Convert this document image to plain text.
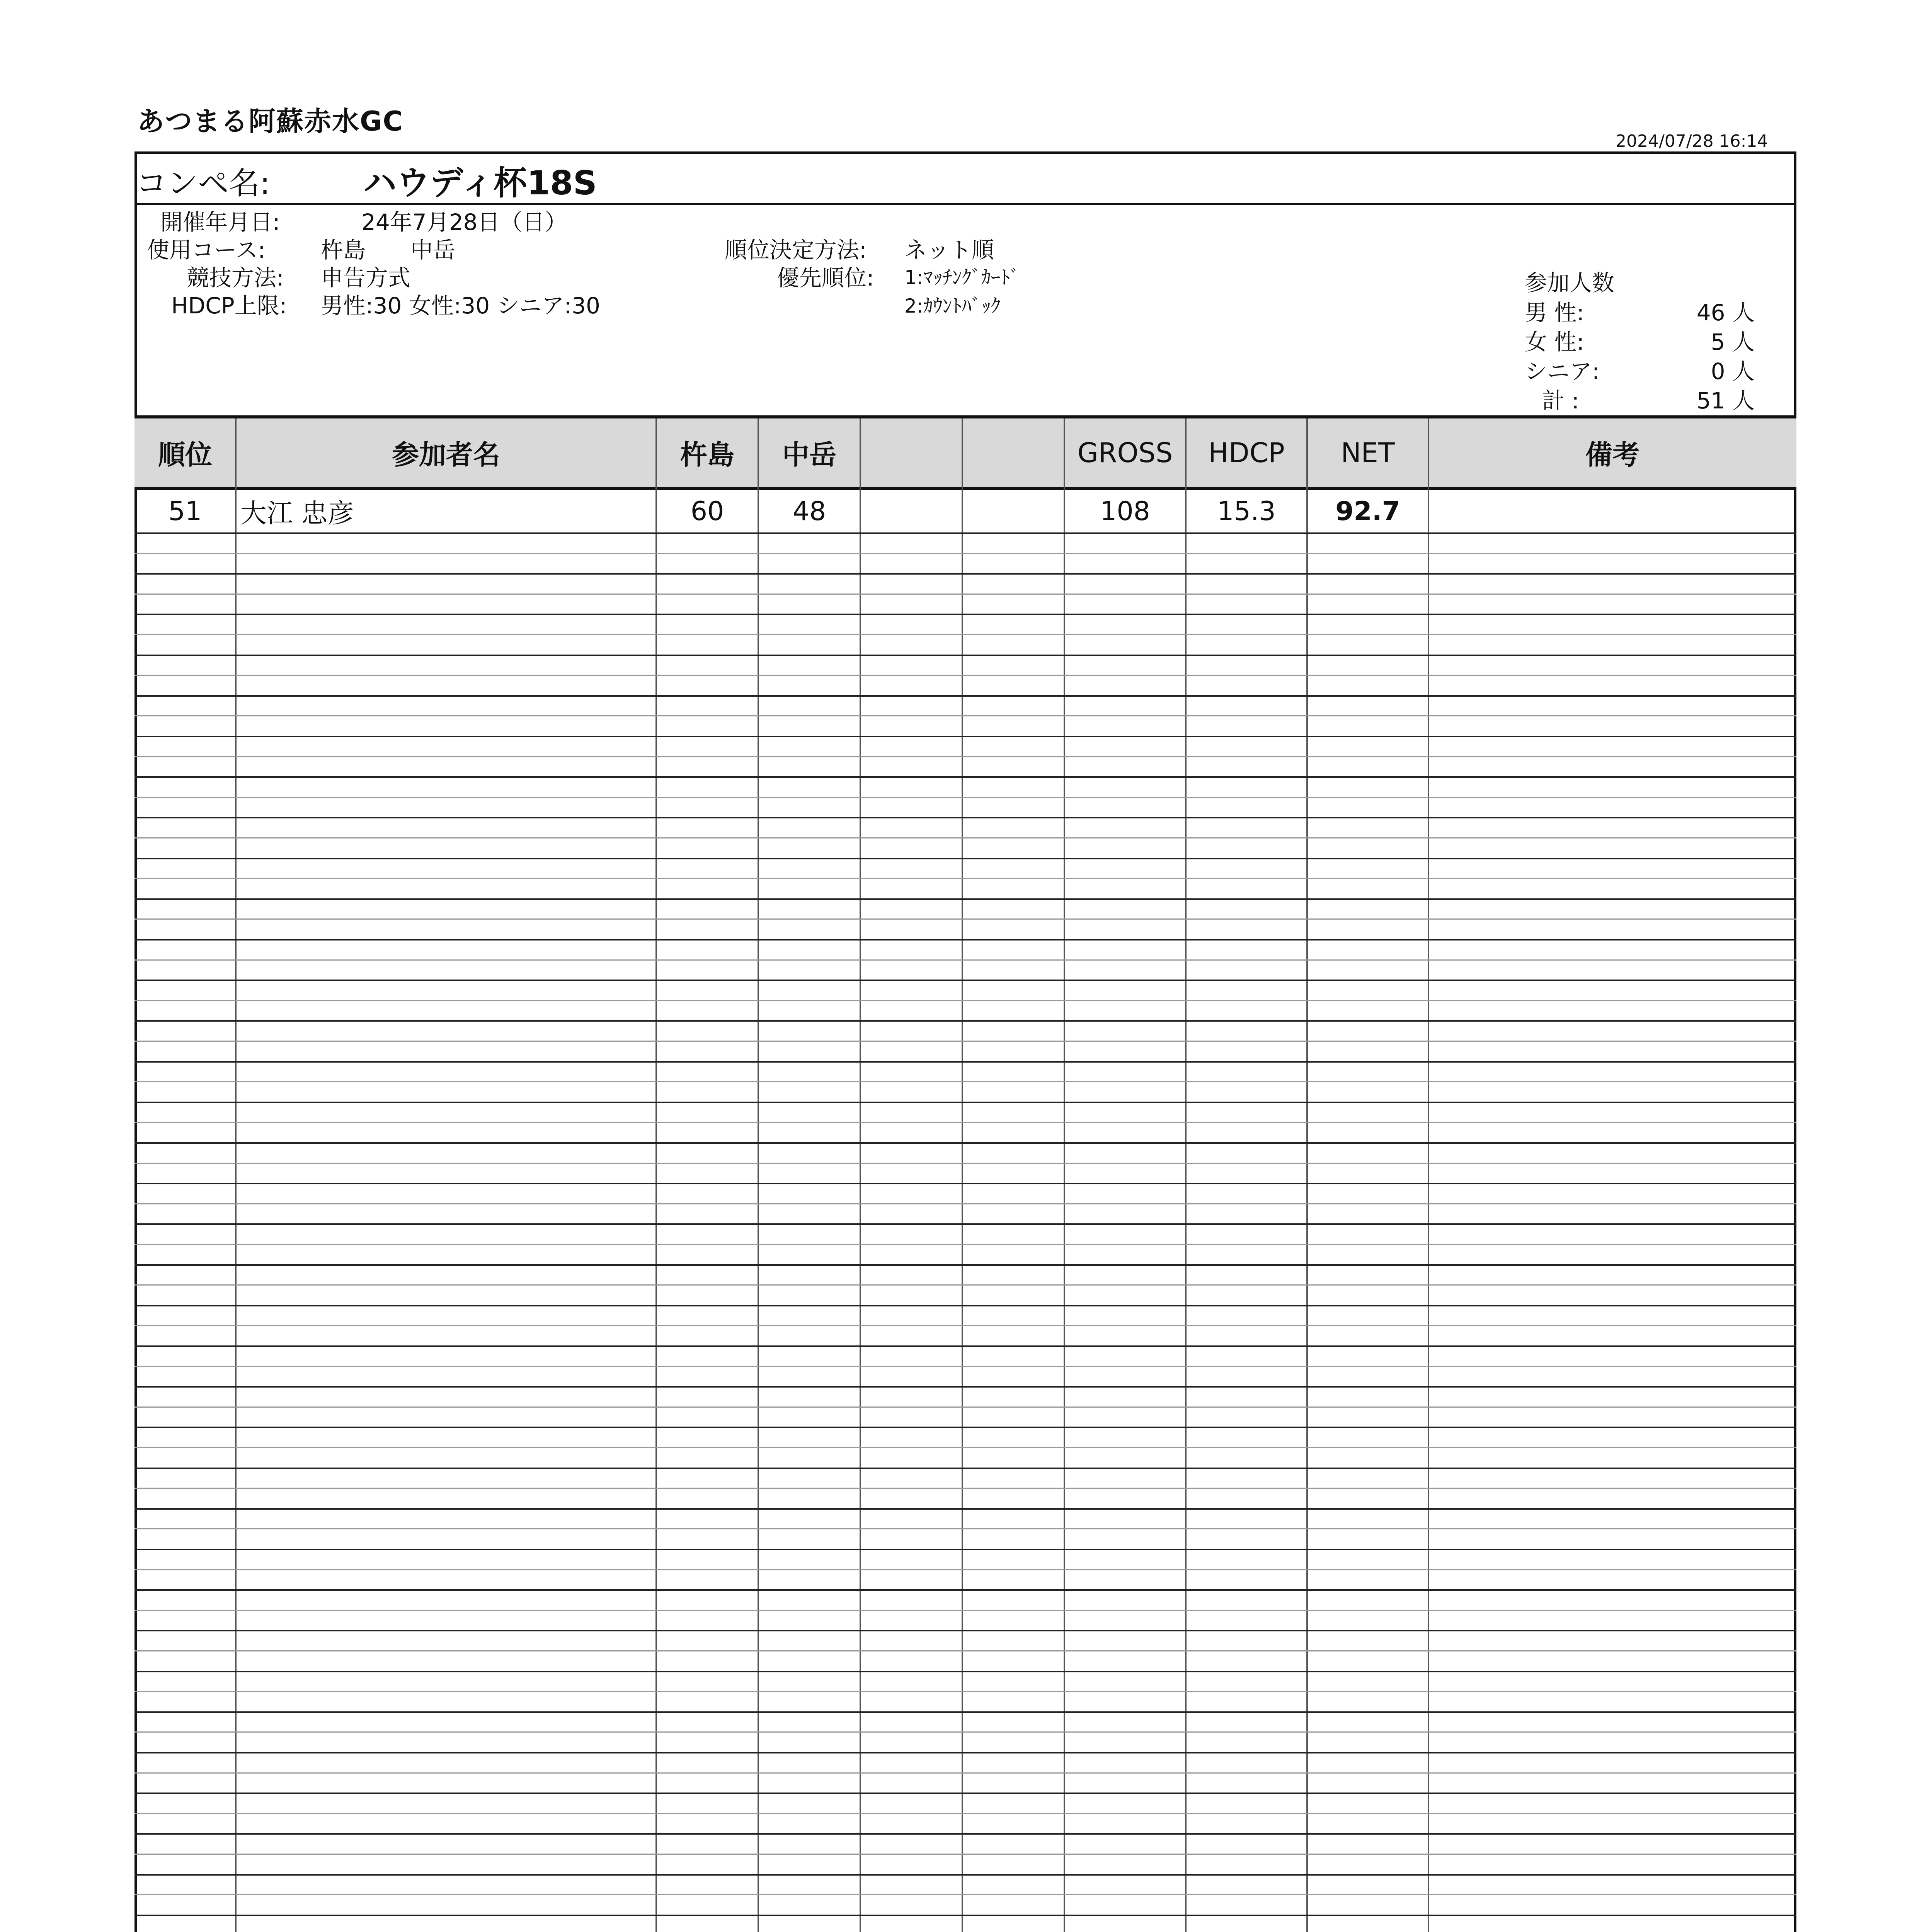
あつまる阿蘇赤水GC
2024/07/28 16:14
コンペ名:	ハウディ杯18S
開催年月日:	24年7月28日（日）
使用コース: 杵島　　中岳
競技方法: 申告方式
HDCP上限: 男性:30 女性:30 シニア:30
順位決定方法: ネット順
優先順位: 1:ﾏｯﾁﾝｸﾞｶｰﾄﾞ
2:ｶｳﾝﾄﾊﾞｯｸ
参加人数
男 性:	46 人
女 性:	5 人
シニア:	0 人
計 :	51 人
順位	参加者名	杵島	中岳	GROSS	HDCP	NET	備考
51	大江 忠彦	60	48	108	15.3	92.7
